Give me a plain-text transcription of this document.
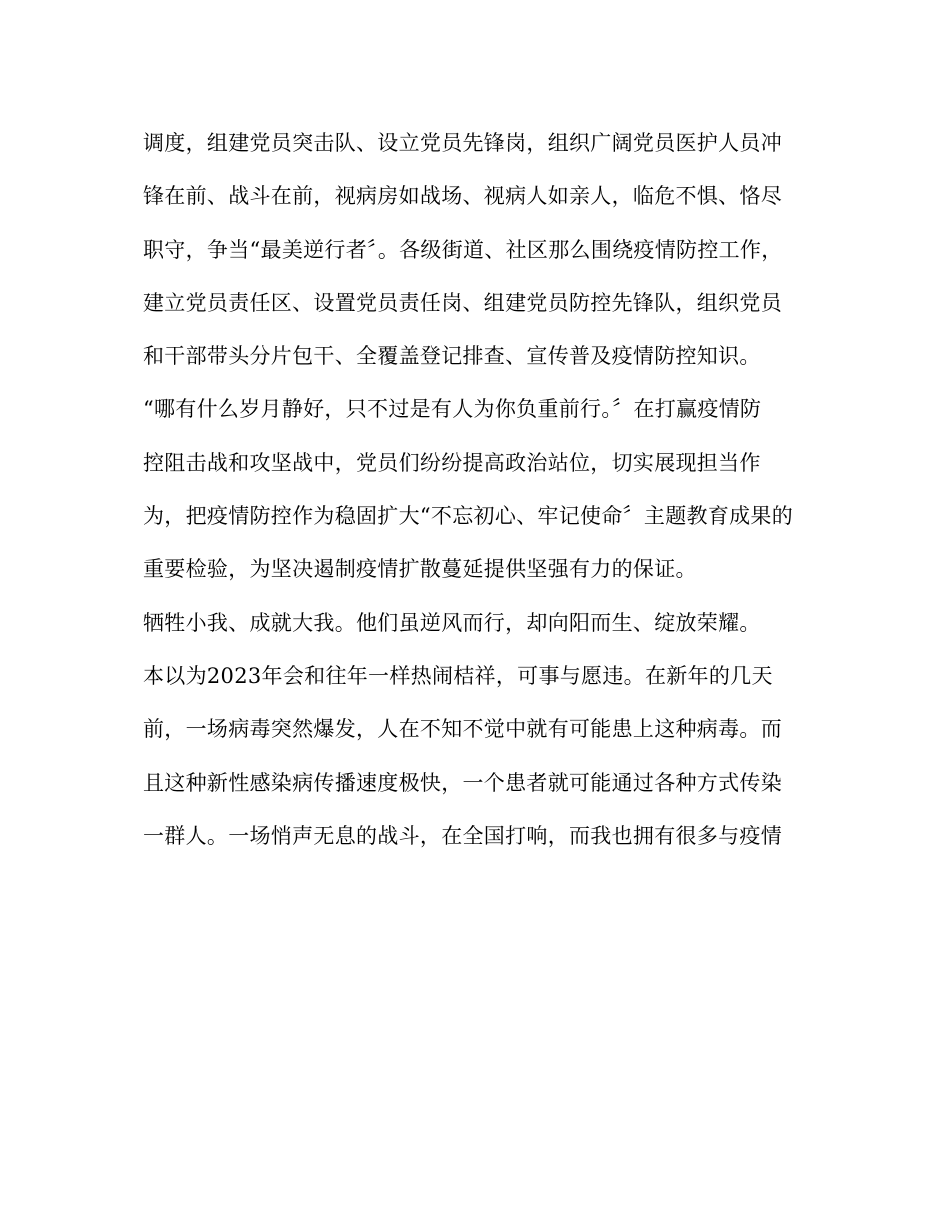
调度，组建党员突击队、设立党员先锋岗，组织广阔党员医护人员冲
锋在前、战斗在前，视病房如战场、视病人如亲人，临危不惧、恪尽
职守，争当“最美逆行者〞。各级街道、社区那么围绕疫情防控工作，
建立党员责任区、设置党员责任岗、组建党员防控先锋队，组织党员
和干部带头分片包干、全覆盖登记排查、宣传普及疫情防控知识。
“哪有什么岁月静好，只不过是有人为你负重前行。〞在打赢疫情防
控阻击战和攻坚战中，党员们纷纷提高政治站位，切实展现担当作
为，把疫情防控作为稳固扩大“不忘初心、牢记使命〞主题教育成果的
重要检验，为坚决遏制疫情扩散蔓延提供坚强有力的保证。
牺牲小我、成就大我。他们虽逆风而行，却向阳而生、绽放荣耀。
本以为2023年会和往年一样热闹桔祥，可事与愿违。在新年的几天
前，一场病毒突然爆发，人在不知不觉中就有可能患上这种病毒。而
且这种新性感染病传播速度极快，一个患者就可能通过各种方式传染
一群人。一场悄声无息的战斗，在全国打响，而我也拥有很多与疫情
